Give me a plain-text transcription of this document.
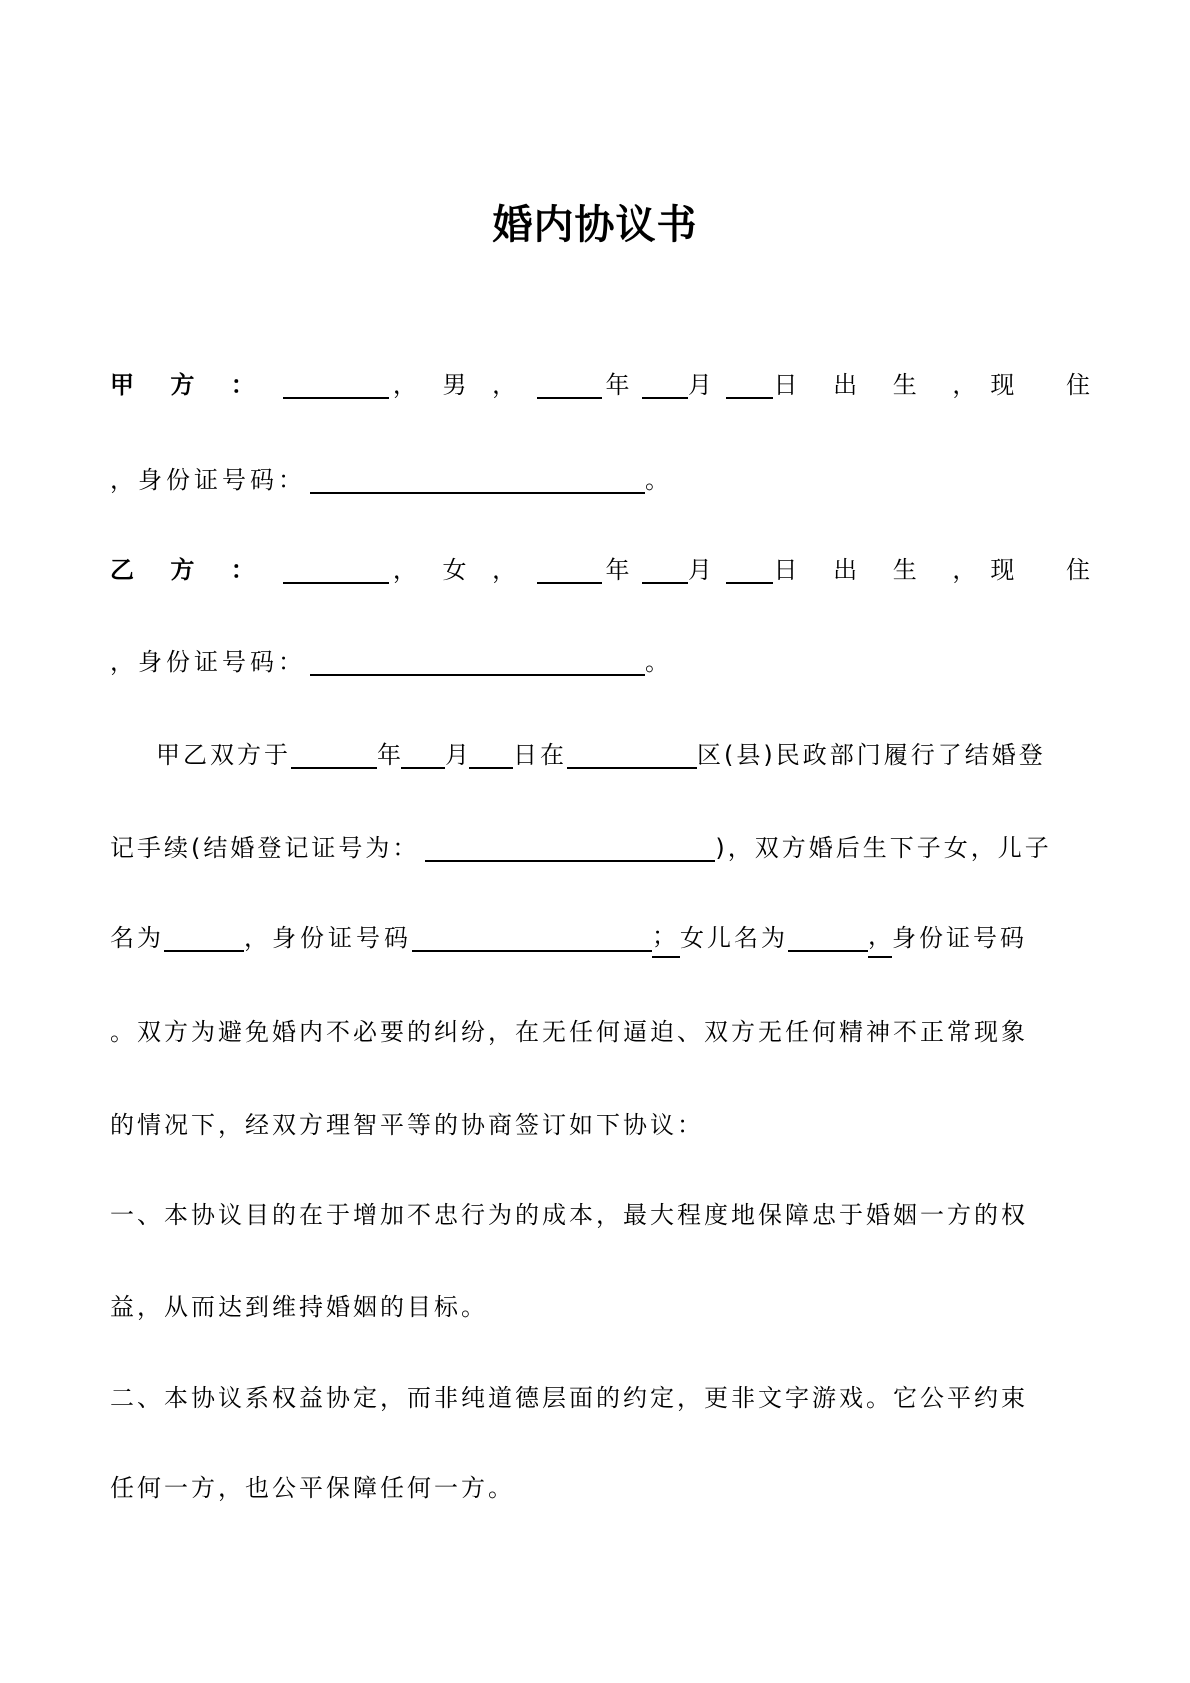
婚内协议书
甲 方 ：	， 男 ，	年 月	日 出 生 ， 现 住
，身份证号码：	。
乙 方 ：	， 女 ，	年 月	日 出 生 ， 现 住
，身份证号码：	。
甲乙双方于	年 月 日在	区(县)民政部门履行了结婚登
记手续(结婚登记证号为：	)，双方婚后生下子女，儿子
名为	，身份证号码	； 女儿名为	， 身份证号码
。双方为避免婚内不必要的纠纷，在无任何逼迫、双方无任何精神不正常现象
的情况下，经双方理智平等的协商签订如下协议：
一、本协议目的在于增加不忠行为的成本，最大程度地保障忠于婚姻一方的权
益，从而达到维持婚姻的目标。
二、本协议系权益协定，而非纯道德层面的约定，更非文字游戏。它公平约束
任何一方，也公平保障任何一方。
